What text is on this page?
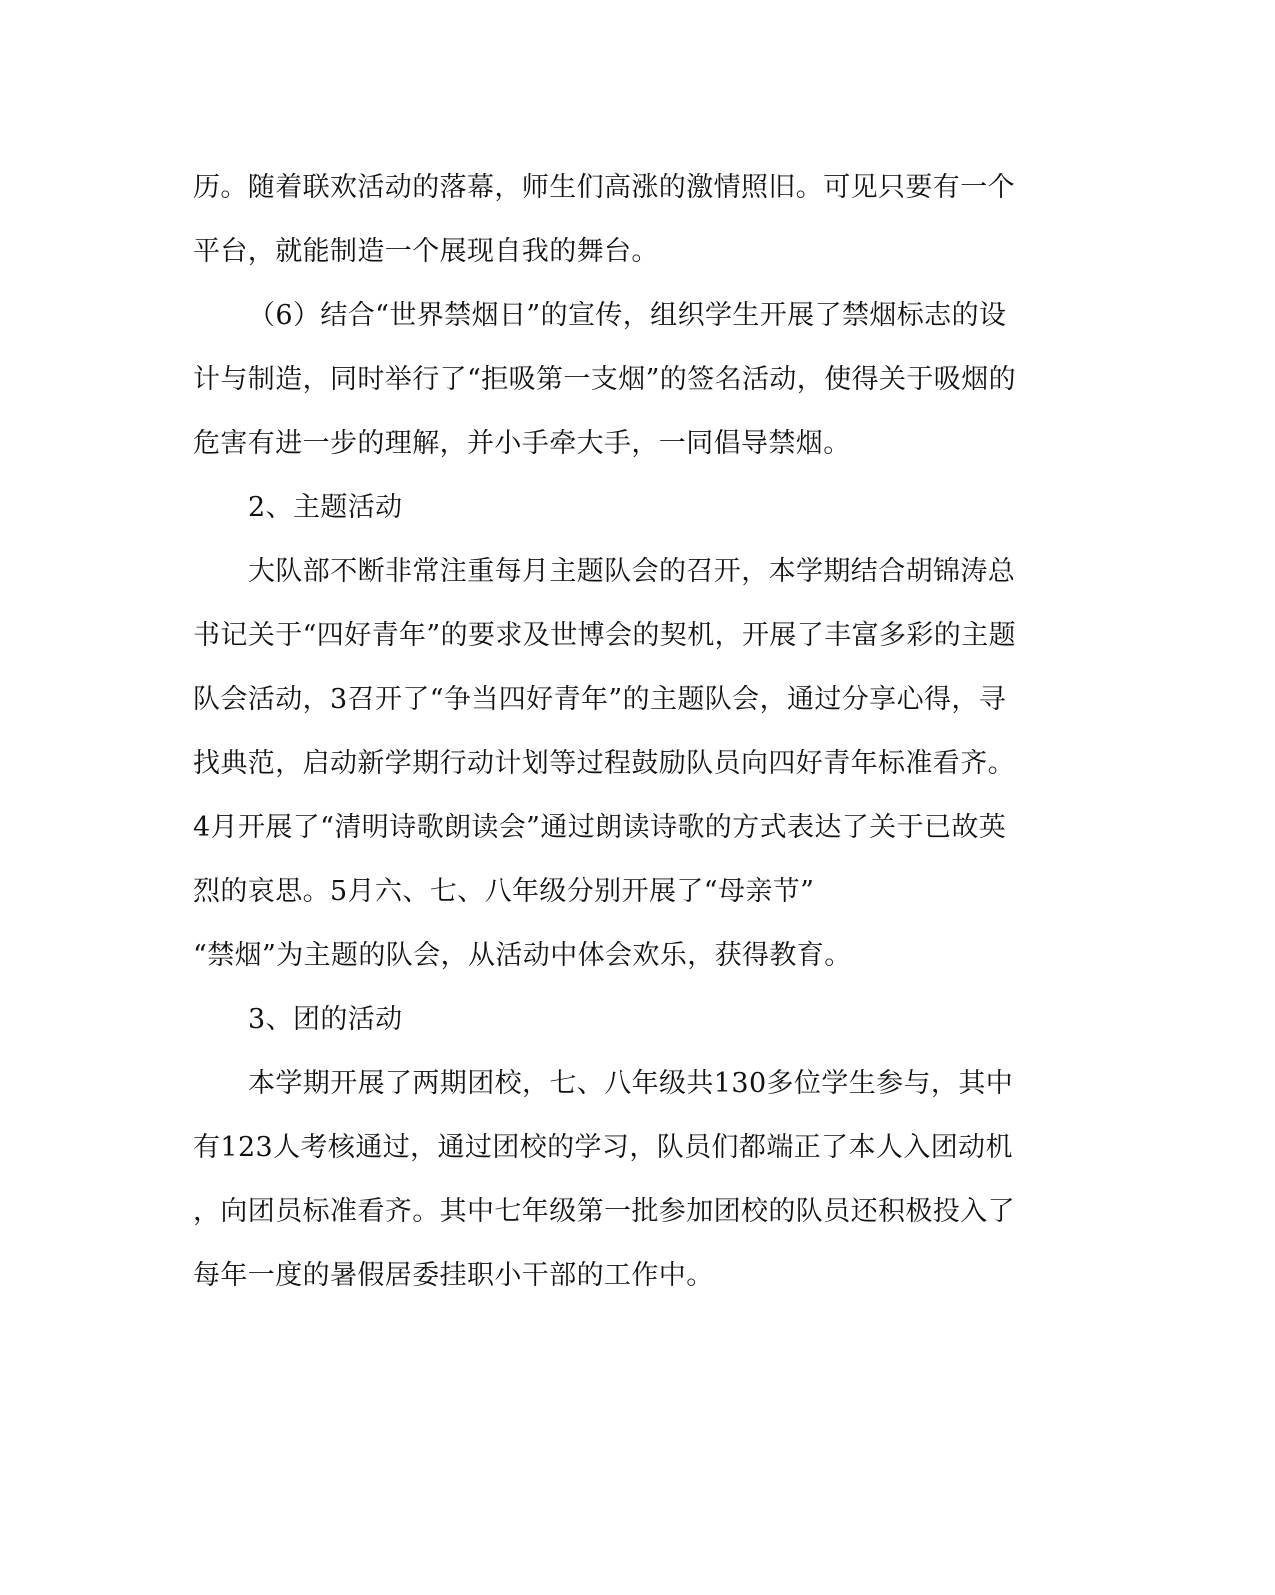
历。随着联欢活动的落幕，师生们高涨的激情照旧。可见只要有一个
平台，就能制造一个展现自我的舞台。
（6）结合“世界禁烟日”的宣传，组织学生开展了禁烟标志的设
计与制造，同时举行了“拒吸第一支烟”的签名活动，使得关于吸烟的
危害有进一步的理解，并小手牵大手，一同倡导禁烟。
2、主题活动
大队部不断非常注重每月主题队会的召开，本学期结合胡锦涛总
书记关于“四好青年”的要求及世博会的契机，开展了丰富多彩的主题
队会活动，3召开了“争当四好青年”的主题队会，通过分享心得，寻
找典范，启动新学期行动计划等过程鼓励队员向四好青年标准看齐。
4月开展了“清明诗歌朗读会”通过朗读诗歌的方式表达了关于已故英
烈的哀思。5月六、七、八年级分别开展了“母亲节”
“禁烟”为主题的队会，从活动中体会欢乐，获得教育。
3、团的活动
本学期开展了两期团校，七、八年级共130多位学生参与，其中
有123人考核通过，通过团校的学习，队员们都端正了本人入团动机
，向团员标准看齐。其中七年级第一批参加团校的队员还积极投入了
每年一度的暑假居委挂职小干部的工作中。
